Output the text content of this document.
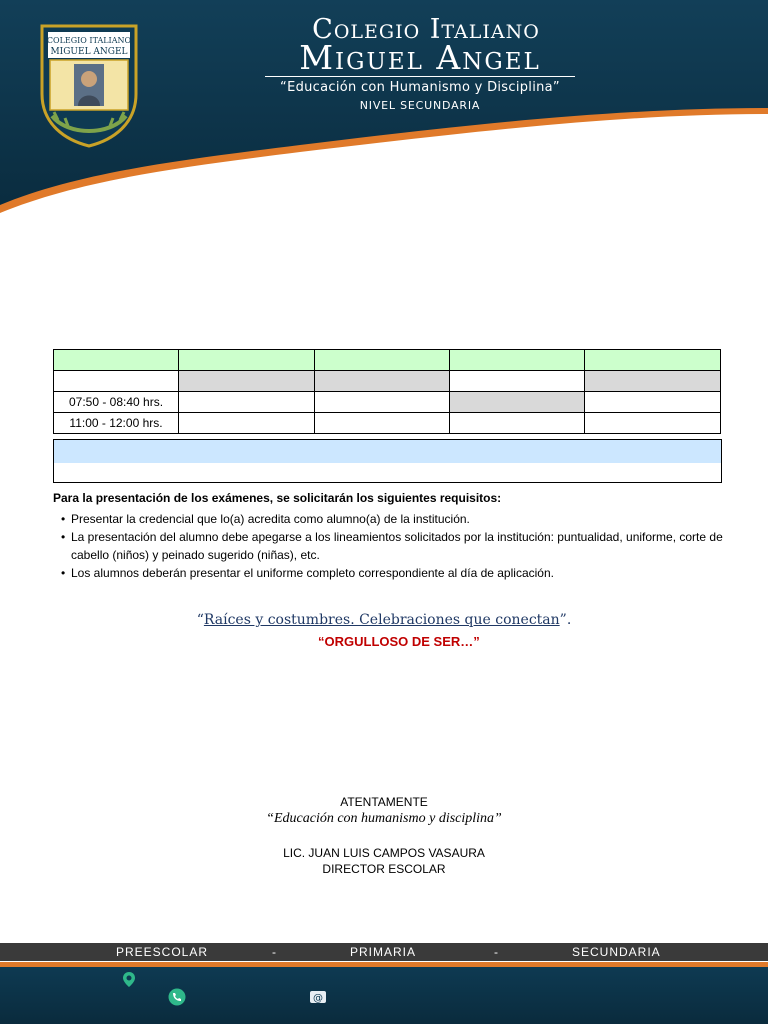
COLEGIO ITALIANO
MIGUEL ANGEL
Colegio Italiano
Miguel Angel
“Educación con Humanismo y Disciplina”
NIVEL SECUNDARIA

07:50 - 08:40 hrs.				
11:00 - 12:00 hrs.				
Para la presentación de los exámenes, se solicitarán los siguientes requisitos:
• Presentar la credencial que lo(a) acredita como alumno(a) de la institución.
• La presentación del alumno debe apegarse a los lineamientos solicitados por la institución: puntualidad, uniforme, corte de cabello (niños) y peinado sugerido (niñas), etc.
• Los alumnos deberán presentar el uniforme completo correspondiente al día de aplicación.
“Raíces y costumbres. Celebraciones que conectan”.
“ORGULLOSO DE SER…”
ATENTAMENTE
“Educación con humanismo y disciplina”
LIC. JUAN LUIS CAMPOS VASAURA
DIRECTOR ESCOLAR
PREESCOLAR	-	PRIMARIA	-	SECUNDARIA
@
